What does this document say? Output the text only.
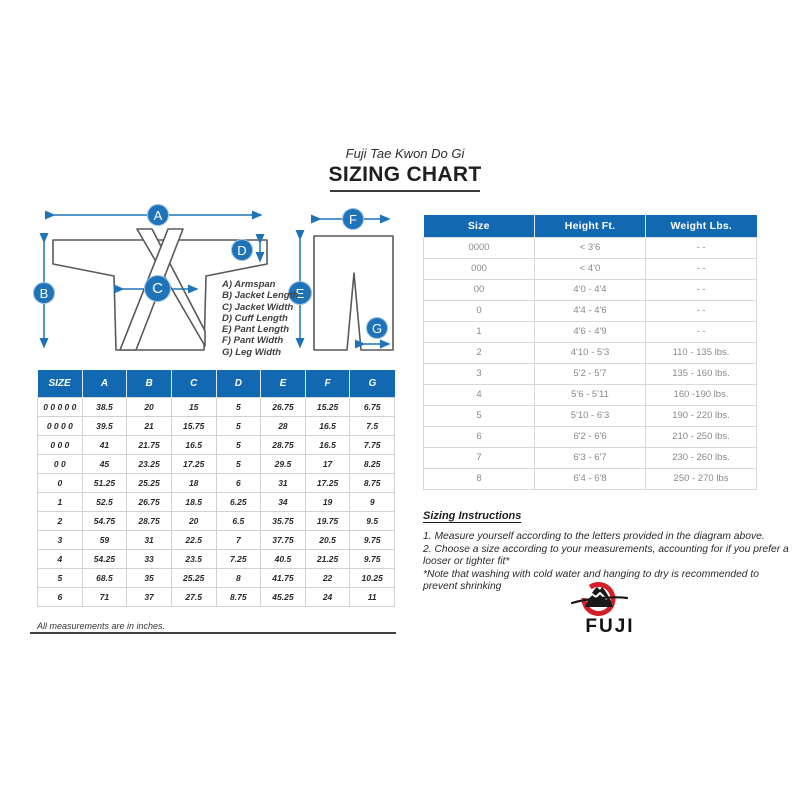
Fuji Tae Kwon Do Gi
SIZING CHART
A
B	C
D
E
F
G
A) Armspan
B) Jacket Length
C) Jacket Width
D) Cuff Length
E) Pant Length
F) Pant Width
G) Leg Width
SIZE	A	B	C	D	E	F	G
0 0 0 0 0	38.5	20	15	5	26.75	15.25	6.75
0 0 0 0	39.5	21	15.75	5	28	16.5	7.5
0 0 0	41	21.75	16.5	5	28.75	16.5	7.75
0 0	45	23.25	17.25	5	29.5	17	8.25
0	51.25	25.25	18	6	31	17.25	8.75
1	52.5	26.75	18.5	6.25	34	19	9
2	54.75	28.75	20	6.5	35.75	19.75	9.5
3	59	31	22.5	7	37.75	20.5	9.75
4	54.25	33	23.5	7.25	40.5	21.25	9.75
5	68.5	35	25.25	8	41.75	22	10.25
6	71	37	27.5	8.75	45.25	24	11
All measurements are in inches.
Size	Height Ft.	Weight Lbs.
0000	< 3'6	- -
000	< 4'0	- -
00	4'0 - 4'4	- -
0	4'4 - 4'6	- -
1	4'6 - 4'9	- -
2	4'10 - 5'3	110 - 135 lbs.
3	5'2 - 5'7	135 - 160 lbs.
4	5'6 - 5'11	160 -190 lbs.
5	5'10 - 6'3	190 - 220 lbs.
6	6'2 - 6'6	210 - 250 lbs.
7	6'3 - 6'7	230 - 260 lbs.
8	6'4 - 6'8	250 - 270 lbs
Sizing Instructions
1. Measure yourself according to the letters provided in the diagram above.
2. Choose a size according to your measurements, accounting for if you prefer a looser or tighter fit*
*Note that washing with cold water and hanging to dry is recommended to prevent shrinking
FUJI
